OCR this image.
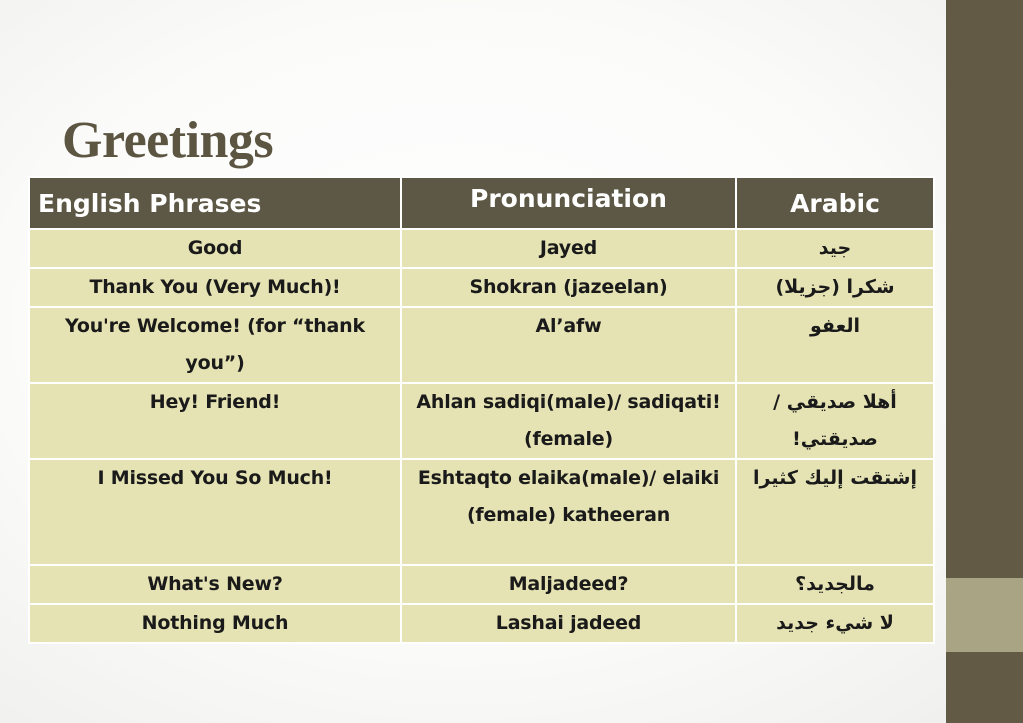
Greetings
English Phrases	Pronunciation	Arabic
Good	Jayed	جيد
Thank You (Very Much)!	Shokran (jazeelan)	شكرا (جزيلا)
You're Welcome! (for “thank you”)	Al’afw	العفو
Hey! Friend!	Ahlan sadiqi(male)/ sadiqati! (female)	أهلا صديقي /صديقتي!
I Missed You So Much!	Eshtaqto elaika(male)/ elaiki (female) katheeran	إشتقت إليك كثيرا
What's New?	Maljadeed?	مالجديد؟
Nothing Much	Lashai jadeed	لا شيء جديد
